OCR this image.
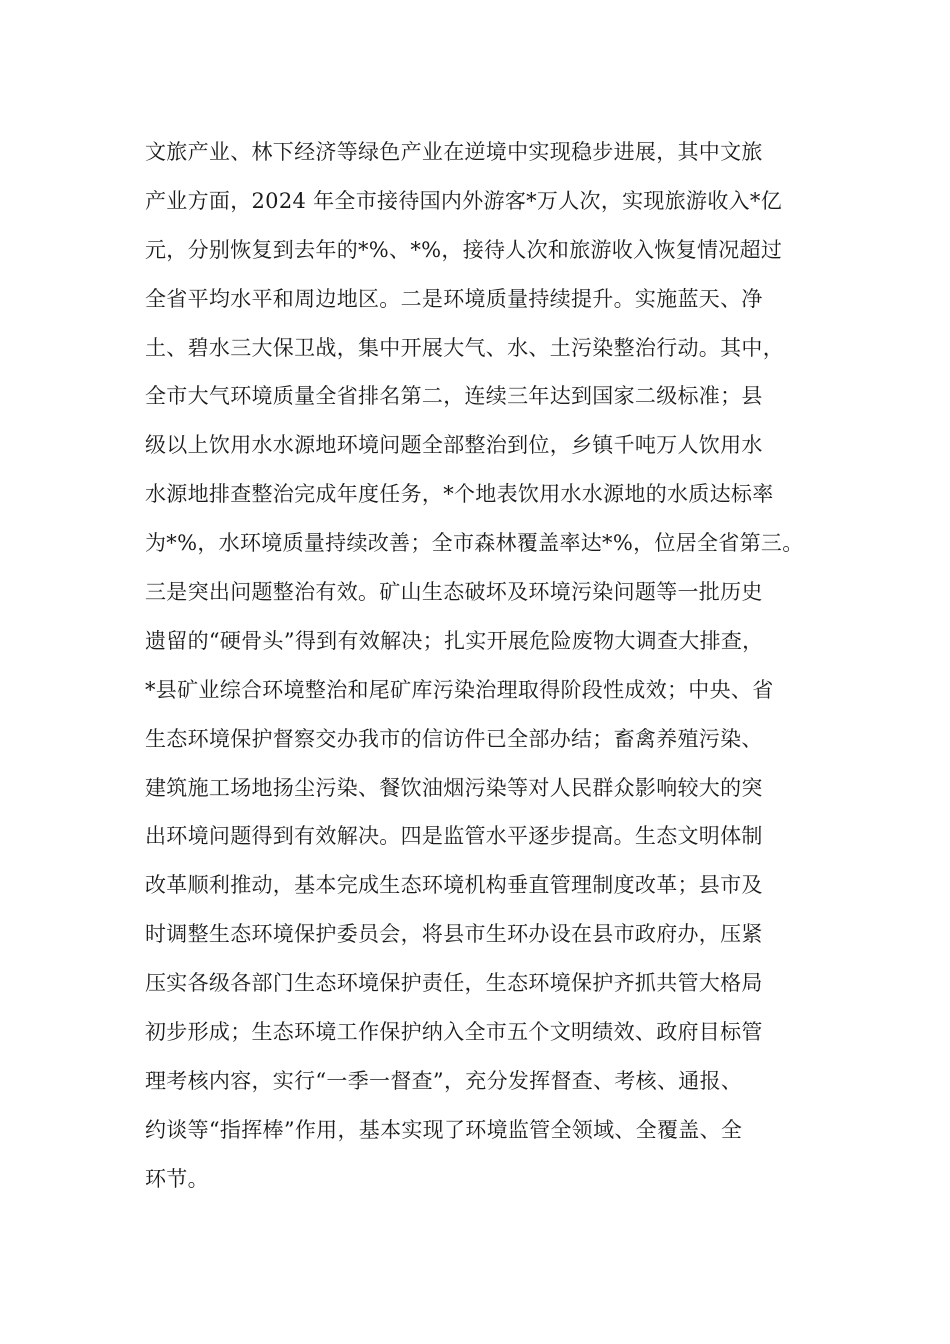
文旅产业、林下经济等绿色产业在逆境中实现稳步进展，其中文旅
产业方面，2024 年全市接待国内外游客*万人次，实现旅游收入*亿
元，分别恢复到去年的*%、*%，接待人次和旅游收入恢复情况超过
全省平均水平和周边地区。二是环境质量持续提升。实施蓝天、净
土、碧水三大保卫战，集中开展大气、水、土污染整治行动。其中，
全市大气环境质量全省排名第二，连续三年达到国家二级标准；县
级以上饮用水水源地环境问题全部整治到位，乡镇千吨万人饮用水
水源地排查整治完成年度任务，*个地表饮用水水源地的水质达标率
为*%，水环境质量持续改善；全市森林覆盖率达*%，位居全省第三。
三是突出问题整治有效。矿山生态破坏及环境污染问题等一批历史
遗留的“硬骨头”得到有效解决；扎实开展危险废物大调查大排查，
*县矿业综合环境整治和尾矿库污染治理取得阶段性成效；中央、省
生态环境保护督察交办我市的信访件已全部办结；畜禽养殖污染、
建筑施工场地扬尘污染、餐饮油烟污染等对人民群众影响较大的突
出环境问题得到有效解决。四是监管水平逐步提高。生态文明体制
改革顺利推动，基本完成生态环境机构垂直管理制度改革；县市及
时调整生态环境保护委员会，将县市生环办设在县市政府办，压紧
压实各级各部门生态环境保护责任，生态环境保护齐抓共管大格局
初步形成；生态环境工作保护纳入全市五个文明绩效、政府目标管
理考核内容，实行“一季一督查”，充分发挥督查、考核、通报、
约谈等“指挥棒”作用，基本实现了环境监管全领域、全覆盖、全
环节。
